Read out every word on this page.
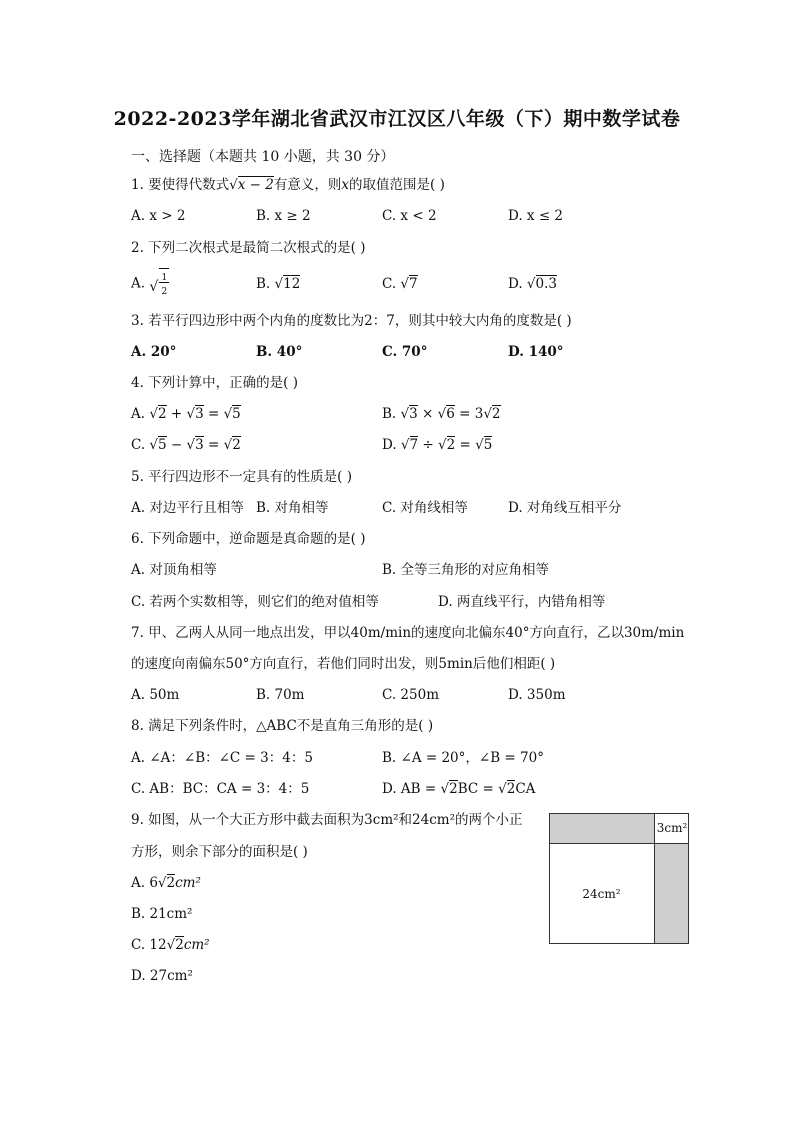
2022-2023学年湖北省武汉市江汉区八年级（下）期中数学试卷
一、选择题（本题共 10 小题，共 30 分）
1. 要使得代数式√x − 2有意义，则x的取值范围是( )
A. x > 2	B. x ≥ 2	C. x < 2	D. x ≤ 2
2. 下列二次根式是最简二次根式的是( )
A. √
1
2	B. √12	C. √7	D. √0.3
3. 若平行四边形中两个内角的度数比为2：7，则其中较大内角的度数是( )
A. 20°	B. 40°	C. 70°	D. 140°
4. 下列计算中，正确的是( )
A. √2 + √3 = √5	B. √3 × √6 = 3√2
C. √5 − √3 = √2	D. √7 ÷ √2 = √5
5. 平行四边形不一定具有的性质是( )
A. 对边平行且相等 B. 对角相等	C. 对角线相等	D. 对角线互相平分
6. 下列命题中，逆命题是真命题的是( )
A. 对顶角相等	B. 全等三角形的对应角相等
C. 若两个实数相等，则它们的绝对值相等	D. 两直线平行，内错角相等
7. 甲、乙两人从同一地点出发，甲以40m/min的速度向北偏东40°方向直行，乙以30m/min
的速度向南偏东50°方向直行，若他们同时出发，则5min后他们相距( )
A. 50m	B. 70m	C. 250m	D. 350m
8. 满足下列条件时，△ABC不是直角三角形的是( )
A. ∠A：∠B：∠C = 3：4：5	B. ∠A = 20°，∠B = 70°
C. AB：BC：CA = 3：4：5	D. AB = √2BC = √2CA
9. 如图，从一个大正方形中截去面积为3cm²和24cm²的两个小正
方形，则余下部分的面积是( )
A. 6√2cm²
B. 21cm²
C. 12√2cm²
D. 27cm²
3cm²
24cm²
